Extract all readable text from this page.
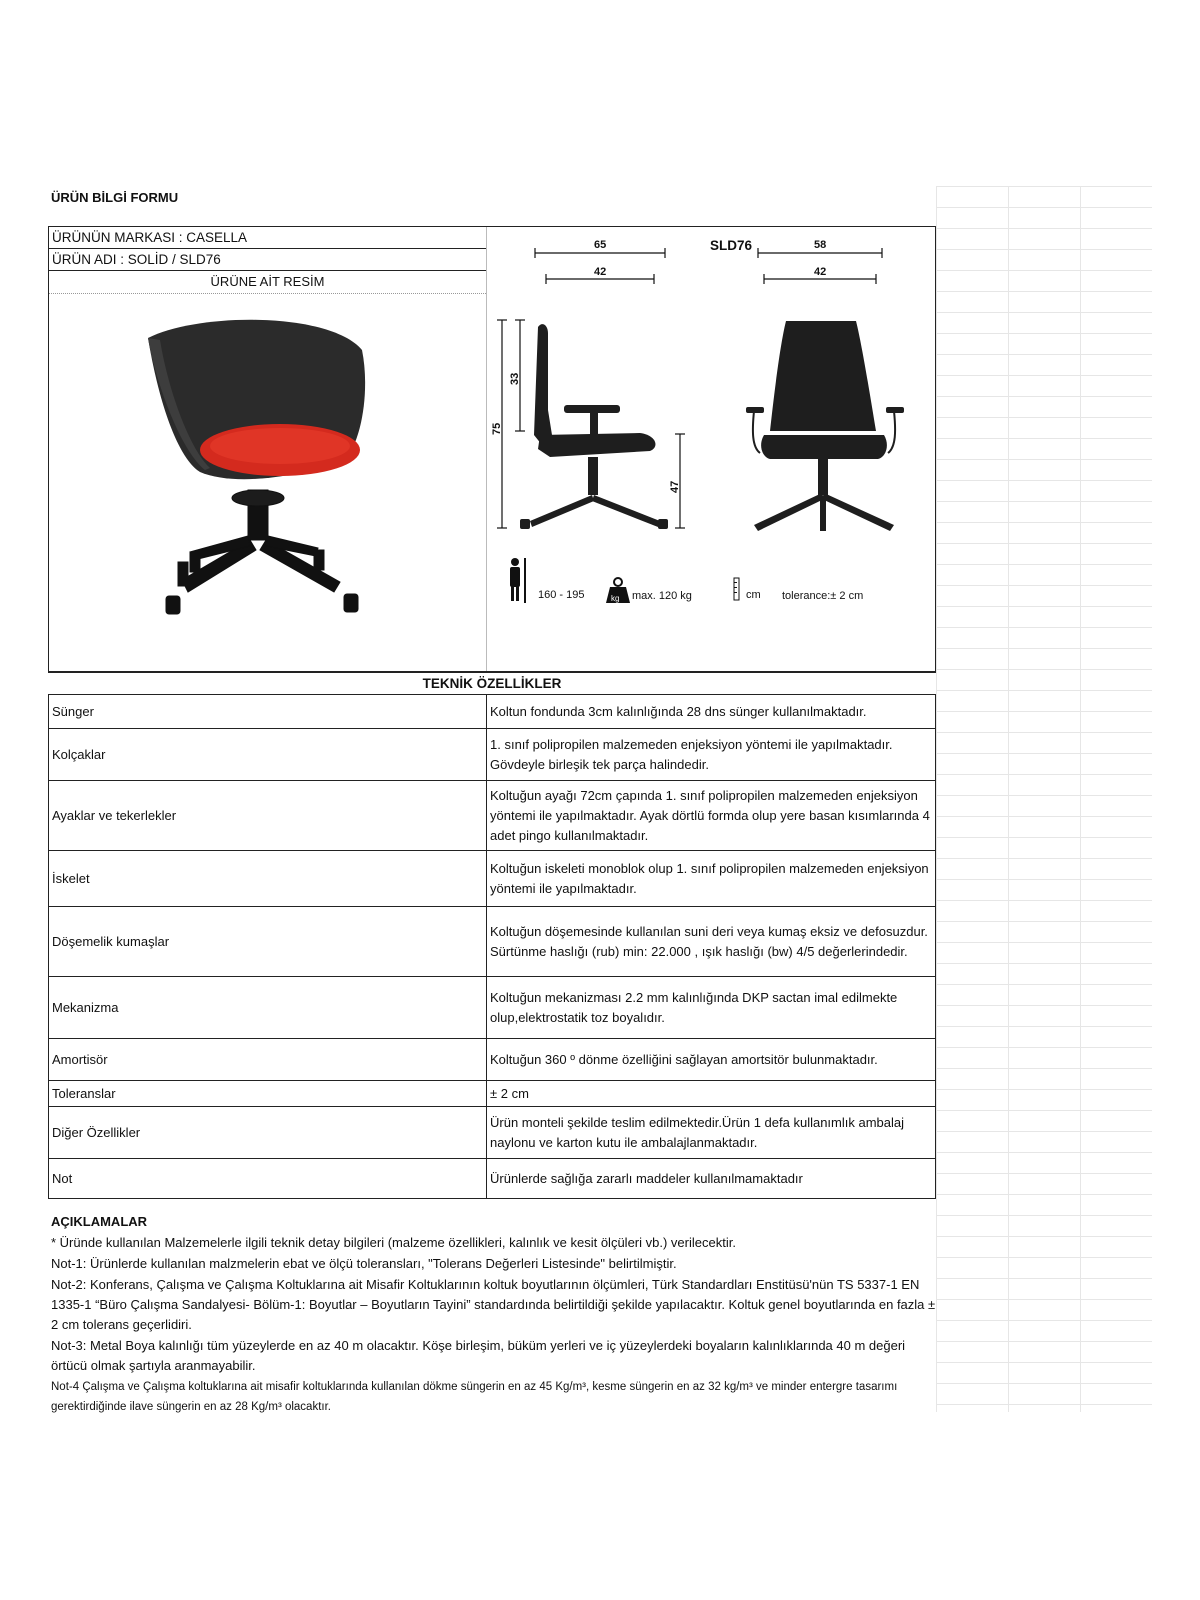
ÜRÜN BİLGİ FORMU
ÜRÜNÜN MARKASI : CASELLA
ÜRÜN ADI : SOLİD / SLD76
ÜRÜNE AİT RESİM
SLD76
65
42
58
42
33
75
47
kg
160 - 195	max. 120 kg	cm tolerance:± 2 cm
TEKNİK ÖZELLİKLER
Sünger	Koltun fondunda 3cm kalınlığında 28 dns sünger kullanılmaktadır.
Kolçaklar	1. sınıf polipropilen malzemeden enjeksiyon yöntemi ile yapılmaktadır. Gövdeyle birleşik tek parça halindedir.
Ayaklar ve tekerlekler	Koltuğun ayağı 72cm çapında 1. sınıf polipropilen malzemeden enjeksiyon yöntemi ile yapılmaktadır. Ayak dörtlü formda olup yere basan kısımlarında 4 adet pingo kullanılmaktadır.
İskelet	Koltuğun iskeleti monoblok olup 1. sınıf polipropilen malzemeden enjeksiyon yöntemi ile yapılmaktadır.
Döşemelik kumaşlar	Koltuğun döşemesinde kullanılan suni deri veya kumaş eksiz ve defosuzdur. Sürtünme haslığı (rub) min: 22.000 , ışık haslığı (bw) 4/5 değerlerindedir.
Mekanizma	Koltuğun mekanizması 2.2 mm kalınlığında DKP sactan imal edilmekte olup,elektrostatik toz boyalıdır.
Amortisör	Koltuğun 360 º dönme özelliğini sağlayan amortsitör bulunmaktadır.
Toleranslar	± 2 cm
Diğer Özellikler	Ürün monteli şekilde teslim edilmektedir.Ürün 1 defa kullanımlık ambalaj naylonu ve karton kutu ile ambalajlanmaktadır.
Not	Ürünlerde sağlığa zararlı maddeler kullanılmamaktadır

AÇIKLAMALAR

* Üründe kullanılan Malzemelerle ilgili teknik detay bilgileri (malzeme özellikleri, kalınlık ve kesit ölçüleri vb.) verilecektir.

Not-1: Ürünlerde kullanılan malzmelerin ebat ve ölçü toleransları, "Tolerans Değerleri Listesinde" belirtilmiştir.

Not-2: Konferans, Çalışma ve Çalışma Koltuklarına ait Misafir Koltuklarının koltuk boyutlarının ölçümleri, Türk Standardları Enstitüsü'nün TS 5337-1 EN 1335-1 “Büro Çalışma Sandalyesi- Bölüm-1: Boyutlar – Boyutların Tayini” standardında belirtildiği şekilde yapılacaktır. Koltuk genel boyutlarında en fazla ± 2 cm tolerans geçerlidiri.

Not-3: Metal Boya kalınlığı tüm yüzeylerde en az 40 m olacaktır. Köşe birleşim, büküm yerleri ve iç yüzeylerdeki boyaların kalınlıklarında 40 m değeri örtücü olmak şartıyla aranmayabilir.

Not-4 Çalışma ve Çalışma koltuklarına ait misafir koltuklarında kullanılan dökme süngerin en az 45 Kg/m³, kesme süngerin en az 32 kg/m³ ve minder entergre tasarımı gerektirdiğinde ilave süngerin en az 28 Kg/m³ olacaktır.
